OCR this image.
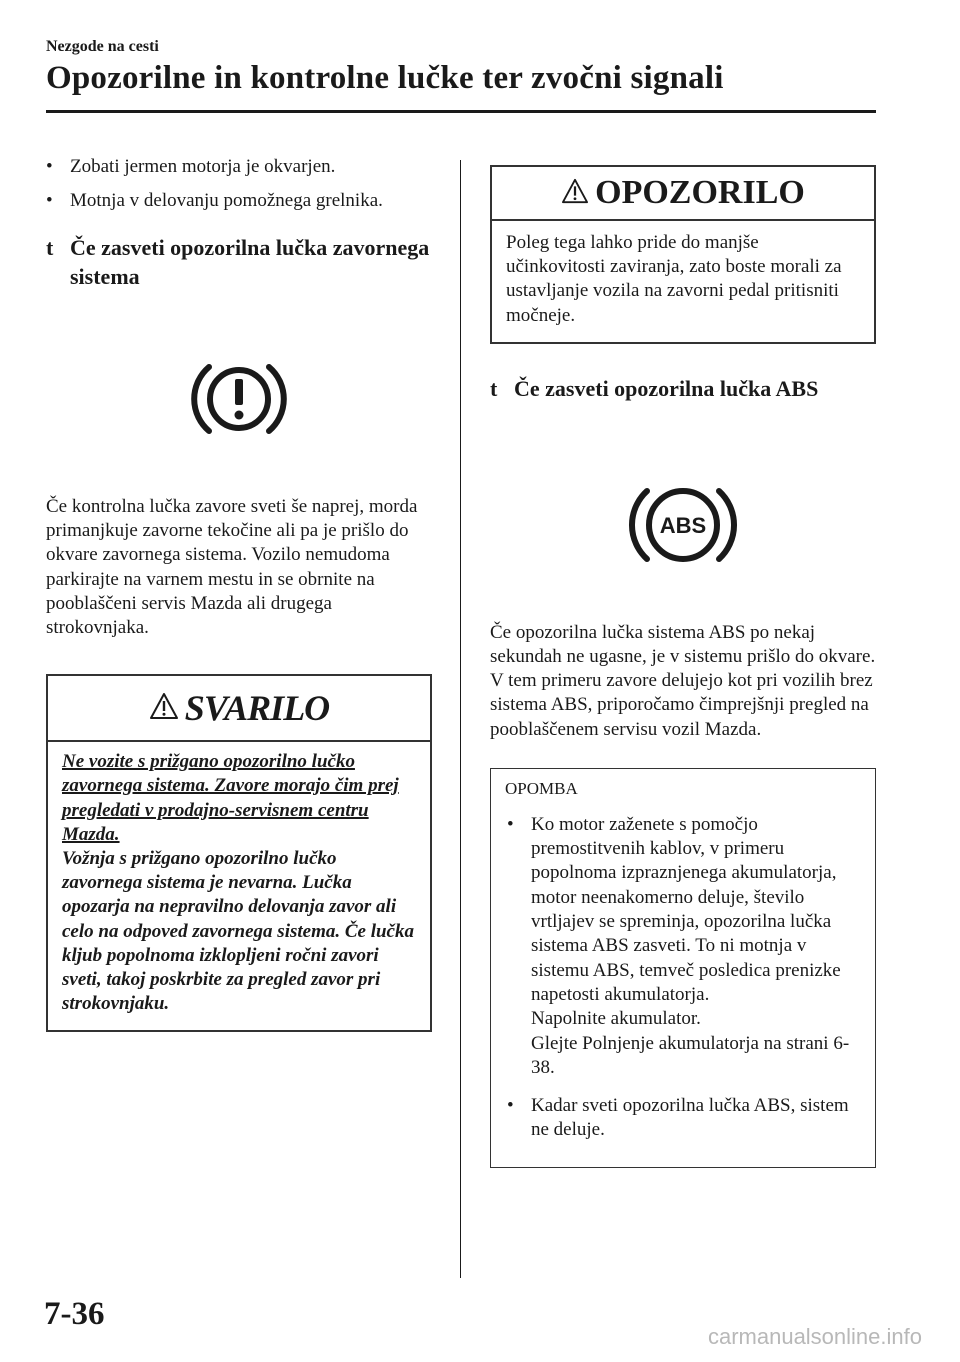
Nezgode na cesti
Opozorilne in kontrolne lučke ter zvočni signali
• Zobati jermen motorja je okvarjen.
• Motnja v delovanju pomožnega grelnika.
t Če zasveti opozorilna lučka zavornega sistema
Če kontrolna lučka zavore sveti še naprej, morda primanjkuje zavorne tekočine ali pa je prišlo do okvare zavornega sistema. Vozilo nemudoma parkirajte na varnem mestu in se obrnite na pooblaščeni servis Mazda ali drugega strokovnjaka.
SVARILO
Ne vozite s prižgano opozorilno lučko zavornega sistema. Zavore morajo čim prej pregledati v prodajno-servisnem centru Mazda.
Vožnja s prižgano opozorilno lučko zavornega sistema je nevarna. Lučka opozarja na nepravilno delovanja zavor ali celo na odpoved zavornega sistema. Če lučka kljub popolnoma izklopljeni ročni zavori sveti, takoj poskrbite za pregled zavor pri strokovnjaku.
OPOZORILO
Poleg tega lahko pride do manjše učinkovitosti zaviranja, zato boste morali za ustavljanje vozila na zavorni pedal pritisniti močneje.
t Če zasveti opozorilna lučka ABS
ABS
Če opozorilna lučka sistema ABS po nekaj sekundah ne ugasne, je v sistemu prišlo do okvare. V tem primeru zavore delujejo kot pri vozilih brez sistema ABS, priporočamo čimprejšnji pregled na pooblaščenem servisu vozil Mazda.
OPOMBA
• Ko motor zaženete s pomočjo premostitvenih kablov, v primeru popolnoma izpraznjenega akumulatorja, motor neenakomerno deluje, število vrtljajev se spreminja, opozorilna lučka sistema ABS zasveti. To ni motnja v sistemu ABS, temveč posledica prenizke napetosti akumulatorja.
Napolnite akumulator.
Glejte Polnjenje akumulatorja na strani 6-38.
• Kadar sveti opozorilna lučka ABS, sistem ne deluje.
7-36
carmanualsonline.info
